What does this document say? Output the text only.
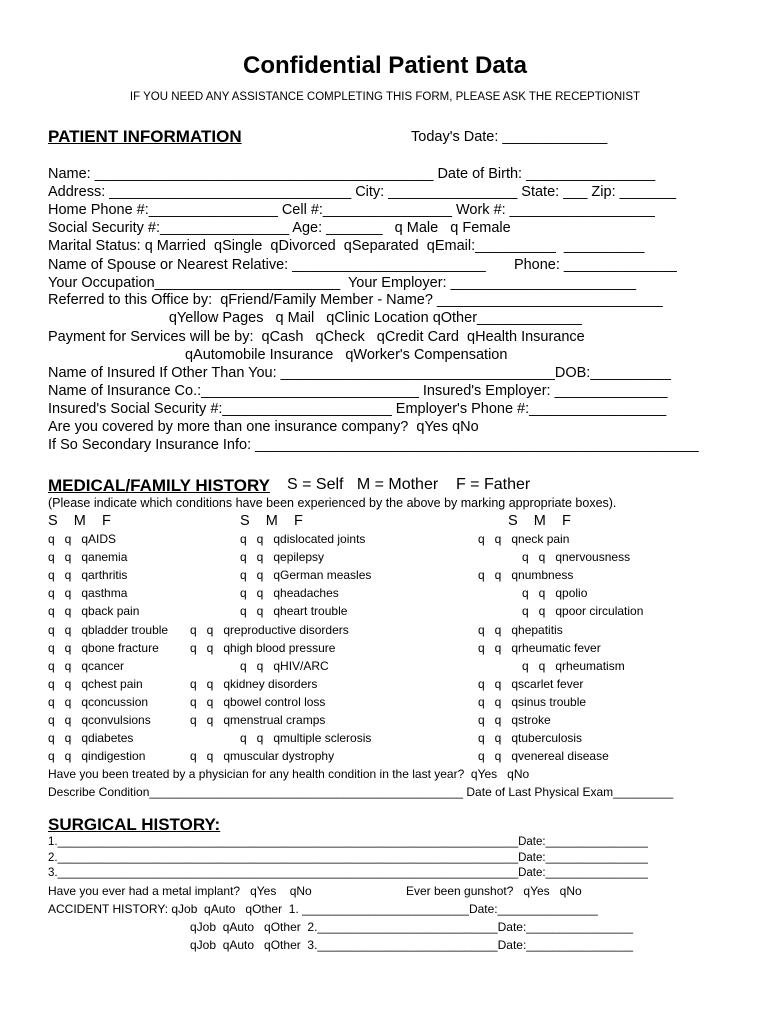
Confidential Patient Data
IF YOU NEED ANY ASSISTANCE COMPLETING THIS FORM, PLEASE ASK THE RECEPTIONIST
PATIENT INFORMATION	Today's Date: _____________
Name: __________________________________________ Date of Birth: ________________
Address: ______________________________ City: ________________ State: ___ Zip: _______
Home Phone #:________________ Cell #:________________ Work #: __________________
Social Security #:________________ Age: _______   q Male   q Female
Marital Status: q Married  qSingle  qDivorced  qSeparated  qEmail:__________  __________
Name of Spouse or Nearest Relative: ________________________       Phone: ______________
Your Occupation_______________________  Your Employer: _______________________
Referred to this Office by:  qFriend/Family Member - Name? ____________________________
qYellow Pages   q Mail   qClinic Location qOther_____________
Payment for Services will be by:  qCash   qCheck   qCredit Card  qHealth Insurance
qAutomobile Insurance   qWorker's Compensation
Name of Insured If Other Than You: __________________________________DOB:__________
Name of Insurance Co.:___________________________ Insured's Employer: ______________
Insured's Social Security #:_____________________ Employer's Phone #:_________________
Are you covered by more than one insurance company?  qYes qNo
If So Secondary Insurance Info: _______________________________________________________
MEDICAL/FAMILY HISTORY S = Self   M = Mother    F = Father
(Please indicate which conditions have been experienced by the above by marking appropriate boxes).
S    M    F	S    M    F	S    M    F
q   q   qAIDS	q   q   qdislocated joints	q   q   qneck pain
q   q   qanemia	q   q   qepilepsy	q   q   qnervousness
q   q   qarthritis	q   q   qGerman measles	q   q   qnumbness
q   q   qasthma	q   q   qheadaches	q   q   qpolio
q   q   qback pain	q   q   qheart trouble	q   q   qpoor circulation
q   q   qbladder trouble q   q   qreproductive disorders	q   q   qhepatitis
q   q   qbone fracture	q   q   qhigh blood pressure	q   q   qrheumatic fever
q   q   qcancer	q   q   qHIV/ARC	q   q   qrheumatism
q   q   qchest pain	q   q   qkidney disorders	q   q   qscarlet fever
q   q   qconcussion	q   q   qbowel control loss	q   q   qsinus trouble
q   q   qconvulsions	q   q   qmenstrual cramps	q   q   qstroke
q   q   qdiabetes	q   q   qmultiple sclerosis	q   q   qtuberculosis
q   q   qindigestion	q   q   qmuscular dystrophy	q   q   qvenereal disease
Have you been treated by a physician for any health condition in the last year?  qYes   qNo
Describe Condition_______________________________________________ Date of Last Physical Exam_________
SURGICAL HISTORY:
1.________________________________________________________________________Date:________________
2.________________________________________________________________________Date:________________
3.________________________________________________________________________Date:________________
Have you ever had a metal implant?   qYes    qNo	Ever been gunshot?   qYes   qNo
ACCIDENT HISTORY: qJob  qAuto   qOther  1. _________________________Date:_______________
qJob  qAuto   qOther  2.___________________________Date:________________
qJob  qAuto   qOther  3.___________________________Date:________________
